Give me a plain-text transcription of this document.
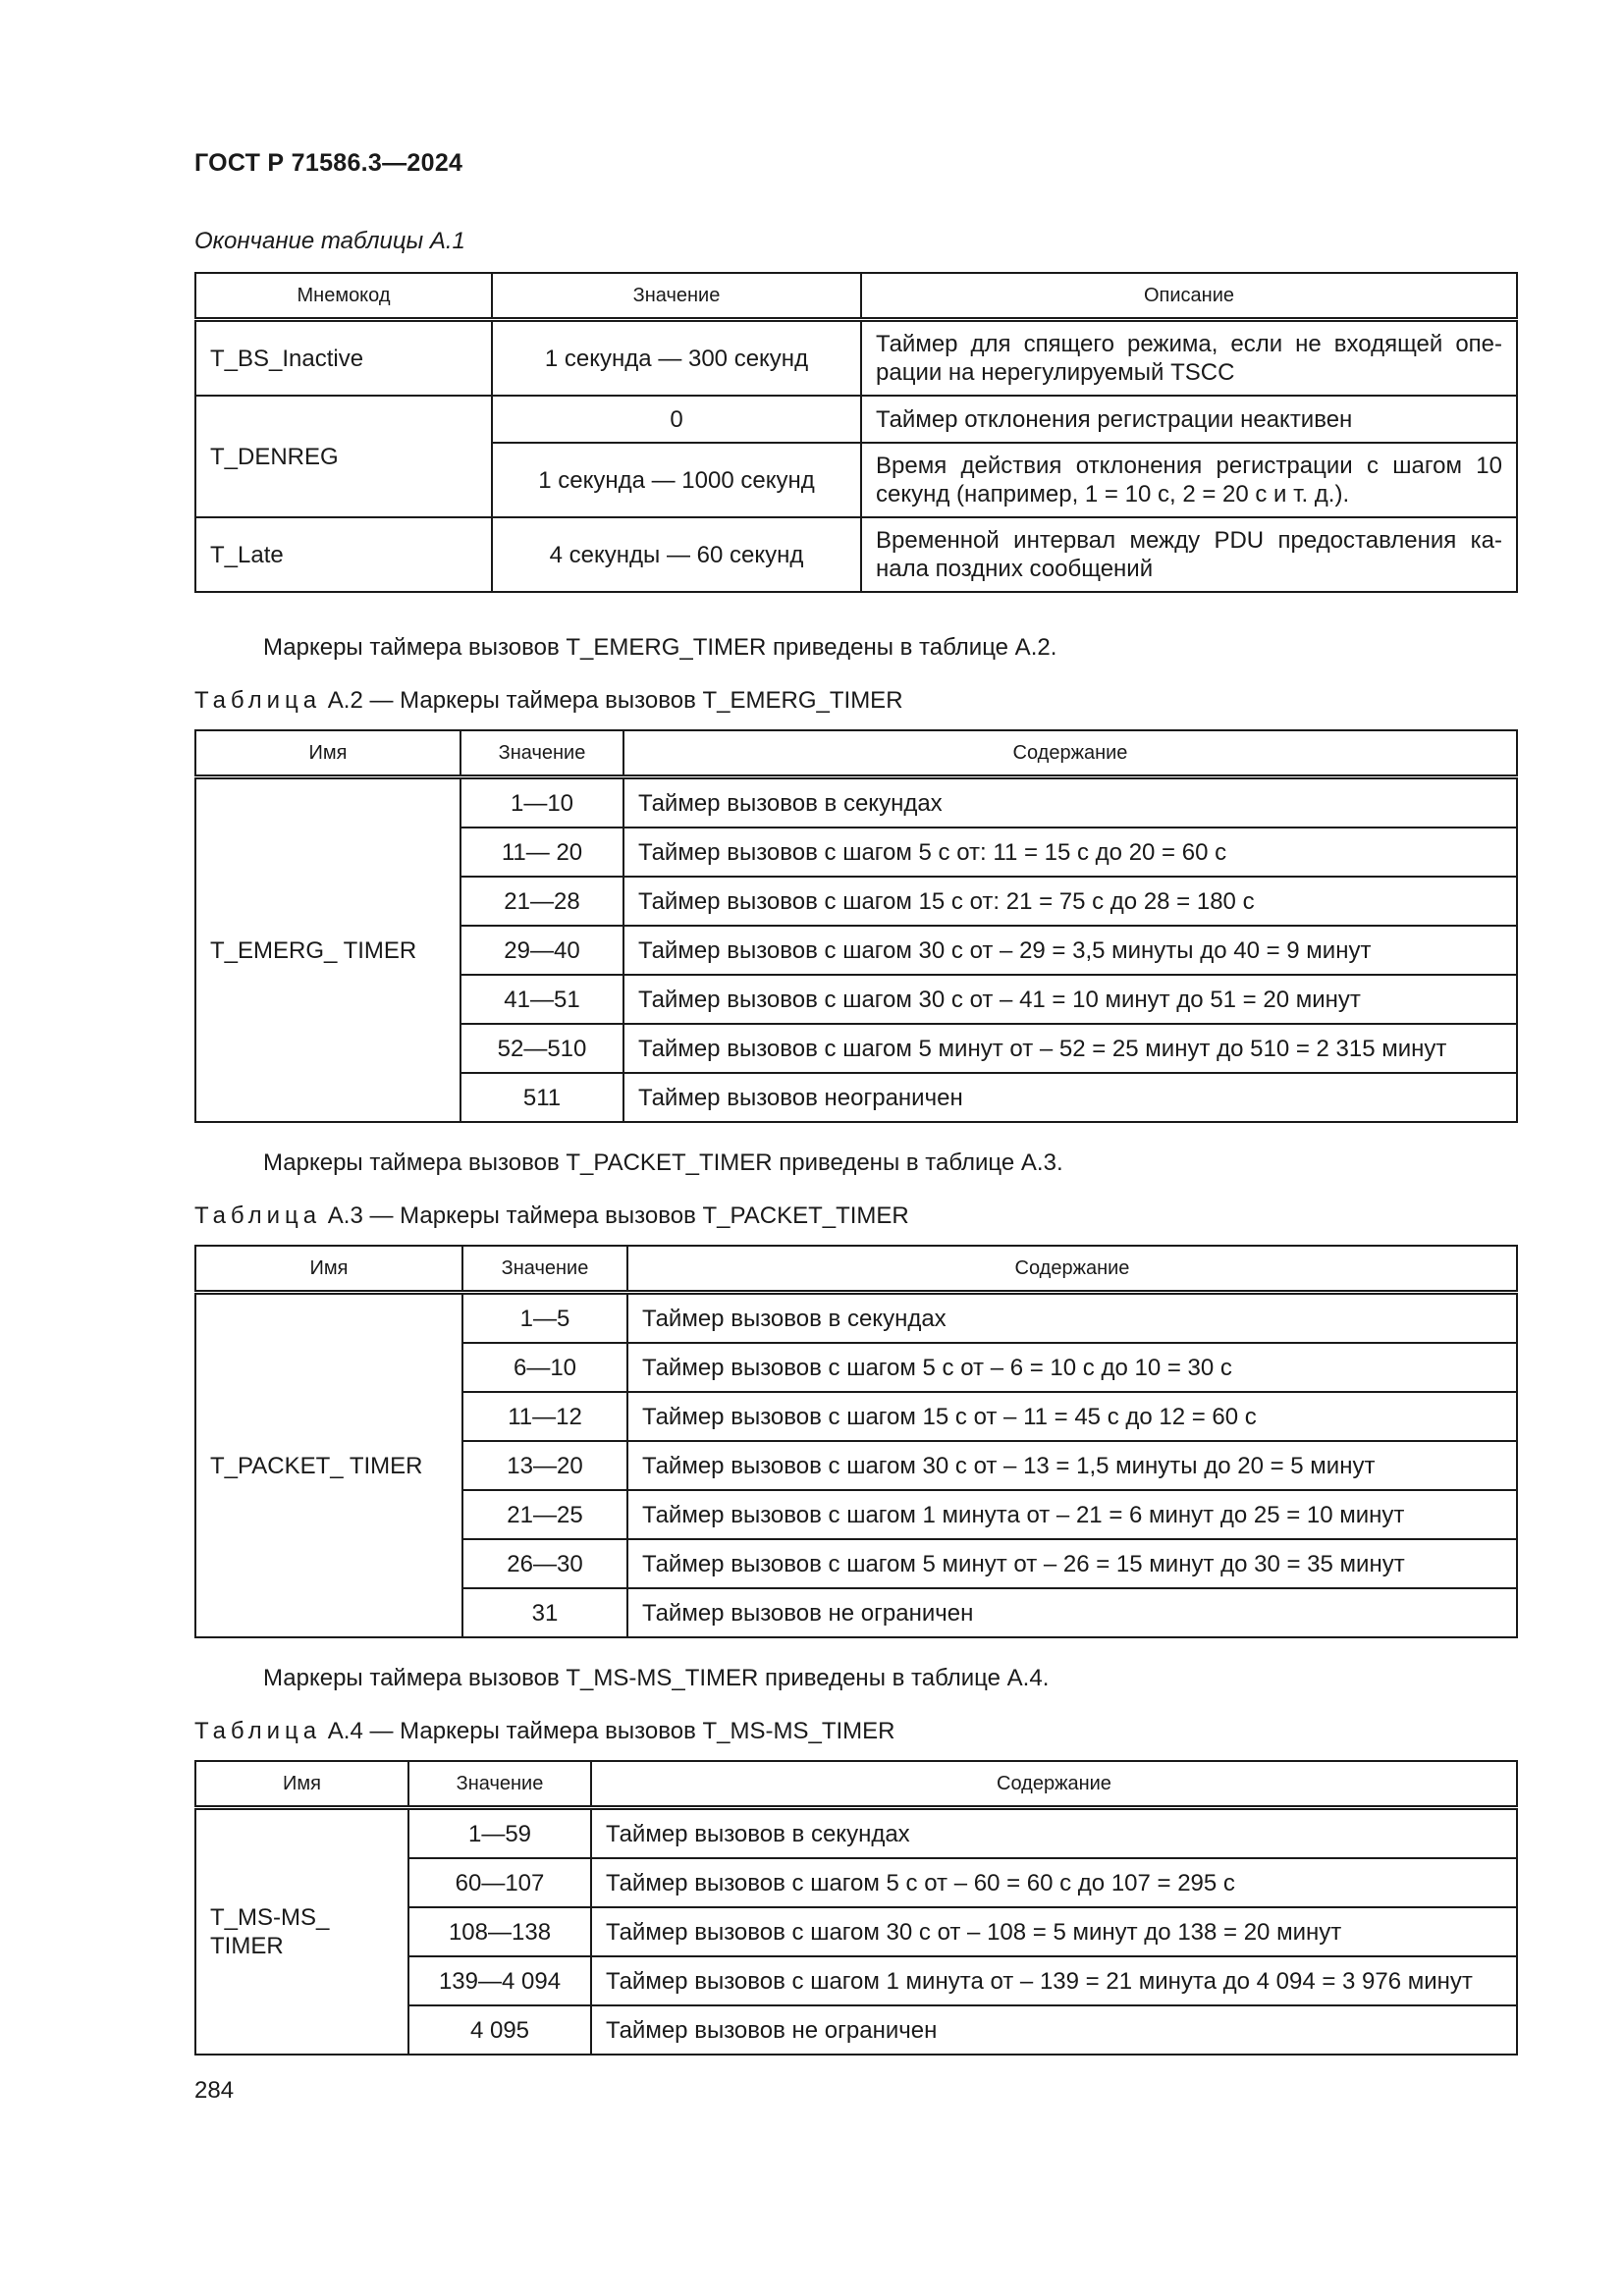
ГОСТ Р 71586.3—2024
Окончание таблицы А.1
Мнемокод	Значение	Описание
T_BS_Inactive	1 секунда — 300 секунд	Таймер для спящего режима, если не входящей опе-рации на нерегулируемый TSCC
T_DENREG	0	Таймер отклонения регистрации неактивен
	1 секунда — 1000 секунд	Время действия отклонения регистрации с шагом 10 секунд (например, 1 = 10 с, 2 = 20 с и т. д.).
T_Late	4 секунды — 60 секунд	Временной интервал между PDU предоставления ка-нала поздних сообщений
Маркеры таймера вызовов T_EMERG_TIMER приведены в таблице А.2.
Таблица А.2 — Маркеры таймера вызовов T_EMERG_TIMER
Имя	Значение	Содержание
T_EMERG_ TIMER	1—10	Таймер вызовов в секундах
	11— 20	Таймер вызовов с шагом 5 с от: 11 = 15 с до 20 = 60 с
	21—28	Таймер вызовов с шагом 15 с от: 21 = 75 с до 28 = 180 с
	29—40	Таймер вызовов с шагом 30 с от – 29 = 3,5 минуты до 40 = 9 минут
	41—51	Таймер вызовов с шагом 30 с от – 41 = 10 минут до 51 = 20 минут
	52—510	Таймер вызовов с шагом 5 минут от – 52 = 25 минут до 510 = 2 315 минут
	511	Таймер вызовов неограничен
Маркеры таймера вызовов T_PACKET_TIMER приведены в таблице А.3.
Таблица А.3 — Маркеры таймера вызовов T_PACKET_TIMER
Имя	Значение	Содержание
T_PACKET_ TIMER	1—5	Таймер вызовов в секундах
	6—10	Таймер вызовов с шагом 5 с от – 6 = 10 с до 10 = 30 с
	11—12	Таймер вызовов с шагом 15 с от – 11 = 45 с до 12 = 60 с
	13—20	Таймер вызовов с шагом 30 с от – 13 = 1,5 минуты до 20 = 5 минут
	21—25	Таймер вызовов с шагом 1 минута от – 21 = 6 минут до 25 = 10 минут
	26—30	Таймер вызовов с шагом 5 минут от – 26 = 15 минут до 30 = 35 минут
	31	Таймер вызовов не ограничен
Маркеры таймера вызовов T_MS-MS_TIMER приведены в таблице А.4.
Таблица А.4 — Маркеры таймера вызовов T_MS-MS_TIMER
Имя	Значение	Содержание
T_MS-MS_
TIMER	1—59	Таймер вызовов в секундах
	60—107	Таймер вызовов с шагом 5 с от – 60 = 60 с до 107 = 295 с
	108—138	Таймер вызовов с шагом 30 с от – 108 = 5 минут до 138 = 20 минут
	139—4 094	Таймер вызовов с шагом 1 минута от – 139 = 21 минута до 4 094 = 3 976 минут
	4 095	Таймер вызовов не ограничен
284
